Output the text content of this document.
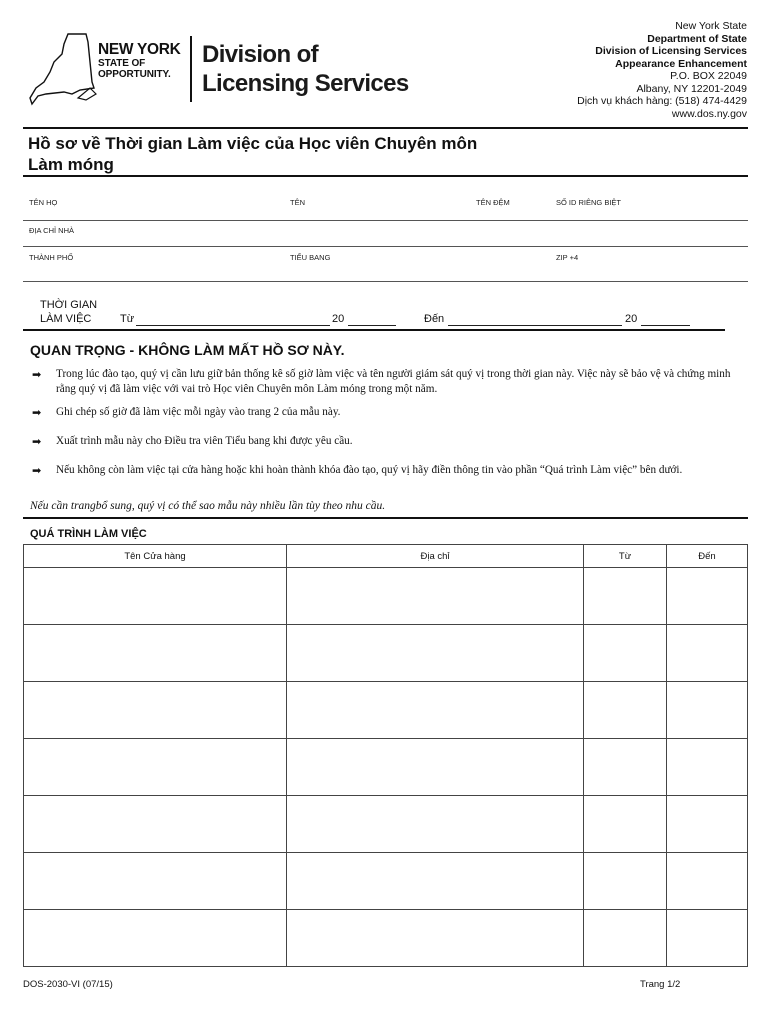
NEW YORK
STATE OF
OPPORTUNITY.
Division of
Licensing Services
New York State
Department of State
Division of Licensing Services
Appearance Enhancement
P.O. BOX 22049
Albany, NY 12201-2049
Dịch vụ khách hàng: (518) 474-4429
www.dos.ny.gov
Hồ sơ về Thời gian Làm việc của Học viên Chuyên môn
Làm móng
TÊN HỌ	TÊN	TÊN ĐỆM	SỐ ID RIÊNG BIỆT
ĐỊA CHỈ NHÀ
THÀNH PHỐ	TIỂU BANG	ZIP +4
THỜI GIAN
LÀM VIỆC	Từ	20	Đến	20
QUAN TRỌNG - KHÔNG LÀM MẤT HỒ SƠ NÀY.
➡ Trong lúc đào tạo, quý vị cần lưu giữ bản thống kê số giờ làm việc và tên người giám sát quý vị trong thời gian này. Việc này sẽ bảo vệ và chứng minh rằng quý vị đã làm việc với vai trò Học viên Chuyên môn Làm móng trong một năm.
➡ Ghi chép số giờ đã làm việc mỗi ngày vào trang 2 của mẫu này.
➡ Xuất trình mẫu này cho Điều tra viên Tiểu bang khi được yêu cầu.
➡ Nếu không còn làm việc tại cửa hàng hoặc khi hoàn thành khóa đào tạo, quý vị hãy điền thông tin vào phần “Quá trình Làm việc” bên dưới.
Nếu cần trangbổ sung, quý vị có thể sao mẫu này nhiều lần tùy theo nhu cầu.
QUÁ TRÌNH LÀM VIỆC
Tên Cửa hàng	Địa chỉ	Từ	Đến

DOS-2030-VI (07/15)	Trang 1/2
